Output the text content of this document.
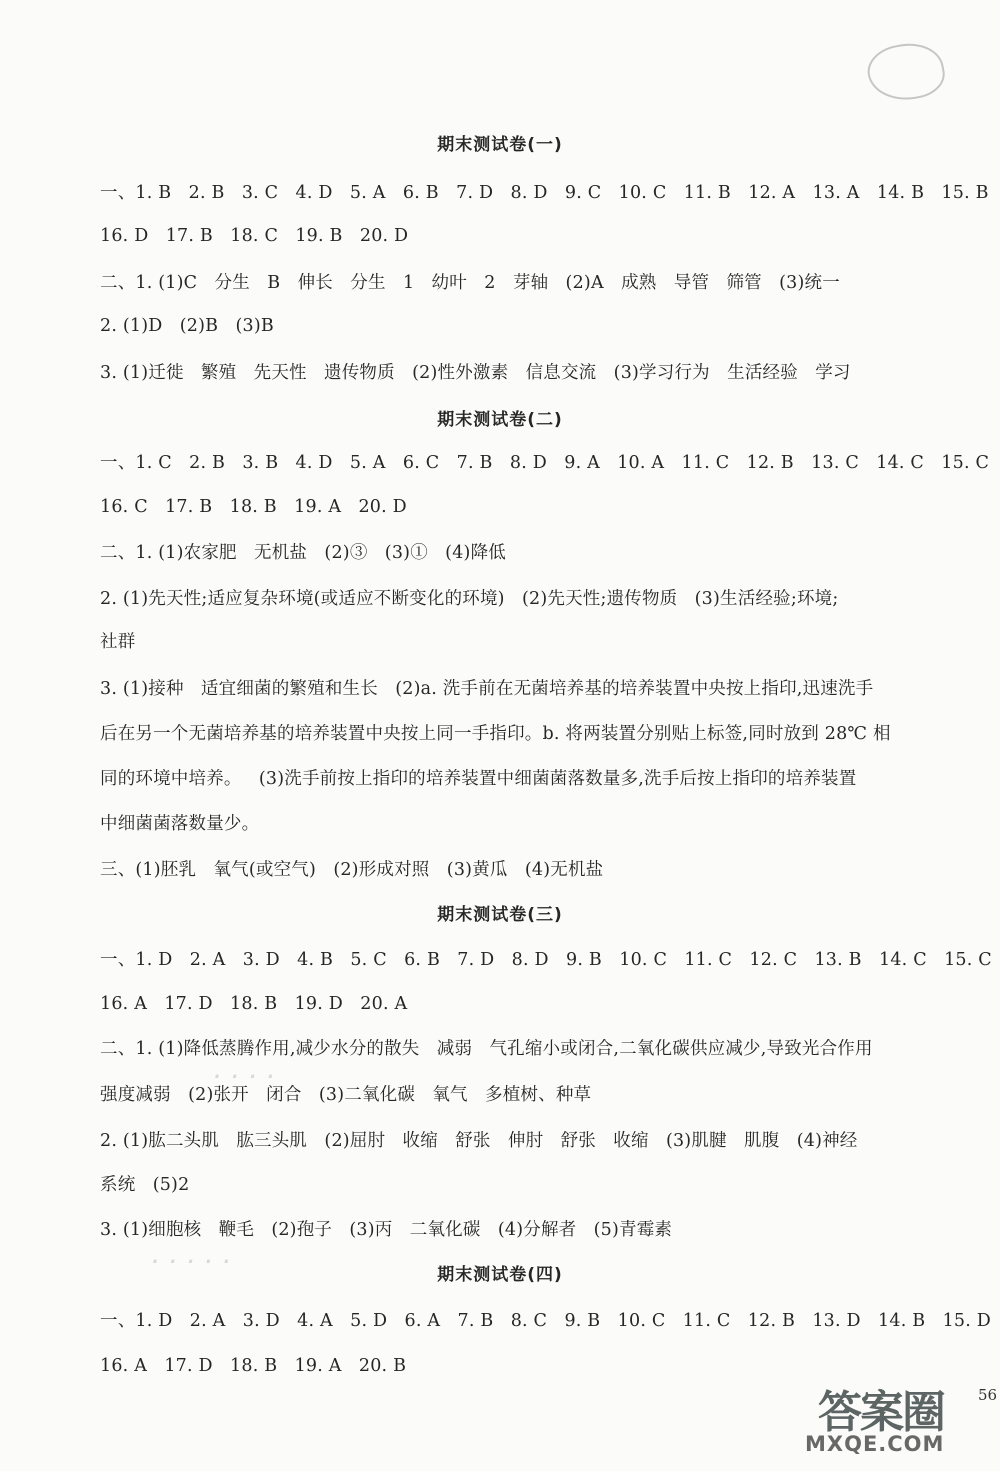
期末测试卷(一)
一、1. B   2. B   3. C   4. D   5. A   6. B   7. D   8. D   9. C   10. C   11. B   12. A   13. A   14. B   15. B
16. D   17. B   18. C   19. B   20. D
二、1. (1)C   分生   B   伸长   分生   1   幼叶   2   芽轴   (2)A   成熟   导管   筛管   (3)统一
2. (1)D   (2)B   (3)B
3. (1)迁徙   繁殖   先天性   遗传物质   (2)性外激素   信息交流   (3)学习行为   生活经验   学习
期末测试卷(二)
一、1. C   2. B   3. B   4. D   5. A   6. C   7. B   8. D   9. A   10. A   11. C   12. B   13. C   14. C   15. C
16. C   17. B   18. B   19. A   20. D
二、1. (1)农家肥   无机盐   (2)③   (3)①   (4)降低
2. (1)先天性;适应复杂环境(或适应不断变化的环境)   (2)先天性;遗传物质   (3)生活经验;环境;
社群
3. (1)接种   适宜细菌的繁殖和生长   (2)a. 洗手前在无菌培养基的培养装置中央按上指印,迅速洗手
后在另一个无菌培养基的培养装置中央按上同一手指印。b. 将两装置分别贴上标签,同时放到 28℃ 相
同的环境中培养。   (3)洗手前按上指印的培养装置中细菌菌落数量多,洗手后按上指印的培养装置
中细菌菌落数量少。
三、(1)胚乳   氧气(或空气)   (2)形成对照   (3)黄瓜   (4)无机盐
期末测试卷(三)
一、1. D   2. A   3. D   4. B   5. C   6. B   7. D   8. D   9. B   10. C   11. C   12. C   13. B   14. C   15. C
16. A   17. D   18. B   19. D   20. A
二、1. (1)降低蒸腾作用,减少水分的散失   减弱   气孔缩小或闭合,二氧化碳供应减少,导致光合作用
强度减弱   (2)张开   闭合   (3)二氧化碳   氧气   多植树、种草
2. (1)肱二头肌   肱三头肌   (2)屈肘   收缩   舒张   伸肘   舒张   收缩   (3)肌腱   肌腹   (4)神经
系统   (5)2
3. (1)细胞核   鞭毛   (2)孢子   (3)丙   二氧化碳   (4)分解者   (5)青霉素
期末测试卷(四)
一、1. D   2. A   3. D   4. A   5. D   6. A   7. B   8. C   9. B   10. C   11. C   12. B   13. D   14. B   15. D
16. A   17. D   18. B   19. A   20. B
· · · ·
· · · · ·
答案圈 56
MXQE.COM
